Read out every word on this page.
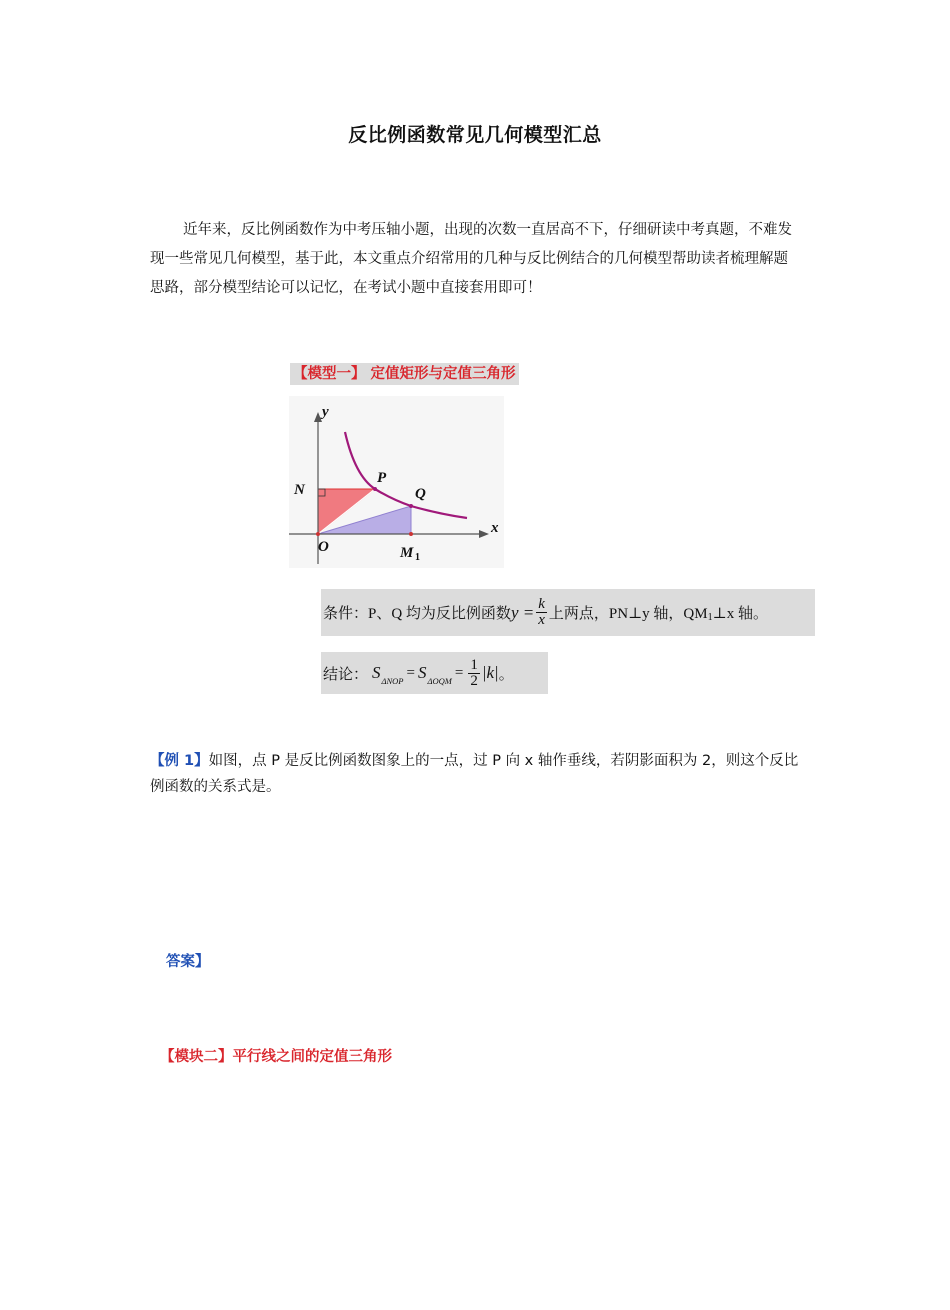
反比例函数常见几何模型汇总
近年来，反比例函数作为中考压轴小题，出现的次数一直居高不下，仔细研读中考真题，不难发现一些常见几何模型，基于此，本文重点介绍常用的几种与反比例结合的几何模型帮助读者梳理解题思路，部分模型结论可以记忆，在考试小题中直接套用即可！
【模型一】 定值矩形与定值三角形
y
x
N
P
Q
O	M 1
条件：P、Q 均为反比例函数 $y = \frac{k}{x}$ 上两点，PN⊥y 轴，QM 1 ⊥x 轴。
结论： S ΔNOP
= S ΔOQM
= $\frac{1}{2} |k|$ 。
【例 1】如图，点 P 是反比例函数图象上的一点，过 P 向 x 轴作垂线，若阴影面积为 2，则这个反比例函数的关系式是。
答案】
【模块二】平行线之间的定值三角形
